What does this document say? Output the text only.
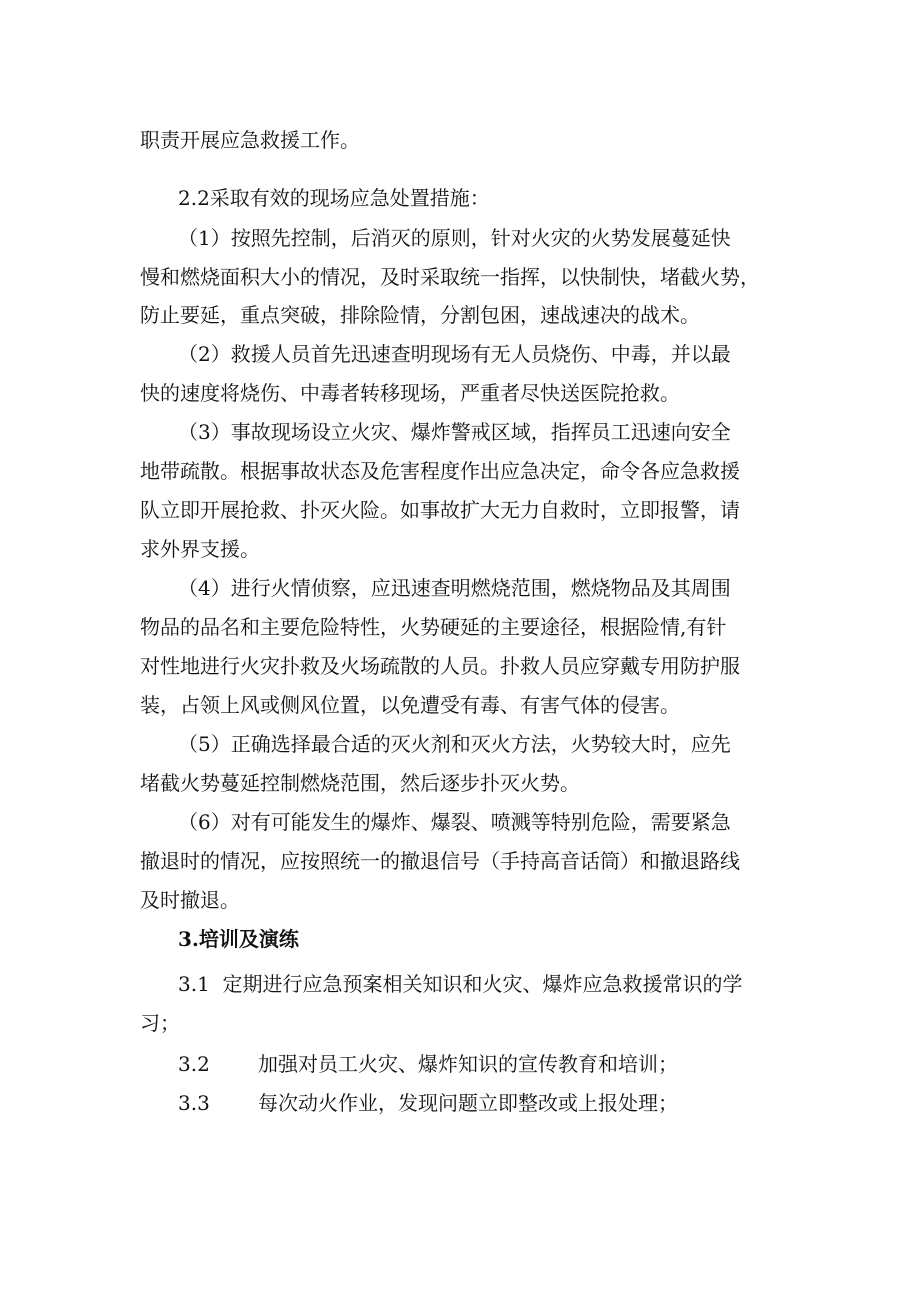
职责开展应急救援工作。
2.2采取有效的现场应急处置措施：
（1）按照先控制，后消灭的原则，针对火灾的火势发展蔓延快
慢和燃烧面积大小的情况，及时采取统一指挥，以快制快，堵截火势，
防止要延，重点突破，排除险情，分割包困，速战速决的战术。
（2）救援人员首先迅速查明现场有无人员烧伤、中毒，并以最
快的速度将烧伤、中毒者转移现场，严重者尽快送医院抢救。
（3）事故现场设立火灾、爆炸警戒区域，指挥员工迅速向安全
地带疏散。根据事故状态及危害程度作出应急决定，命令各应急救援
队立即开展抢救、扑灭火险。如事故扩大无力自救时，立即报警，请
求外界支援。
（4）进行火情侦察，应迅速查明燃烧范围，燃烧物品及其周围
物品的品名和主要危险特性，火势硬延的主要途径，根据险情,有针
对性地进行火灾扑救及火场疏散的人员。扑救人员应穿戴专用防护服
装，占领上风或侧风位置，以免遭受有毒、有害气体的侵害。
（5）正确选择最合适的灭火剂和灭火方法，火势较大时，应先
堵截火势蔓延控制燃烧范围，然后逐步扑灭火势。
（6）对有可能发生的爆炸、爆裂、喷溅等特别危险，需要紧急
撤退时的情况，应按照统一的撤退信号（手持高音话筒）和撤退路线
及时撤退。
3.培训及演练
3.1  定期进行应急预案相关知识和火灾、爆炸应急救援常识的学
习；
3.2 加强对员工火灾、爆炸知识的宣传教育和培训；
3.3 每次动火作业，发现问题立即整改或上报处理；
